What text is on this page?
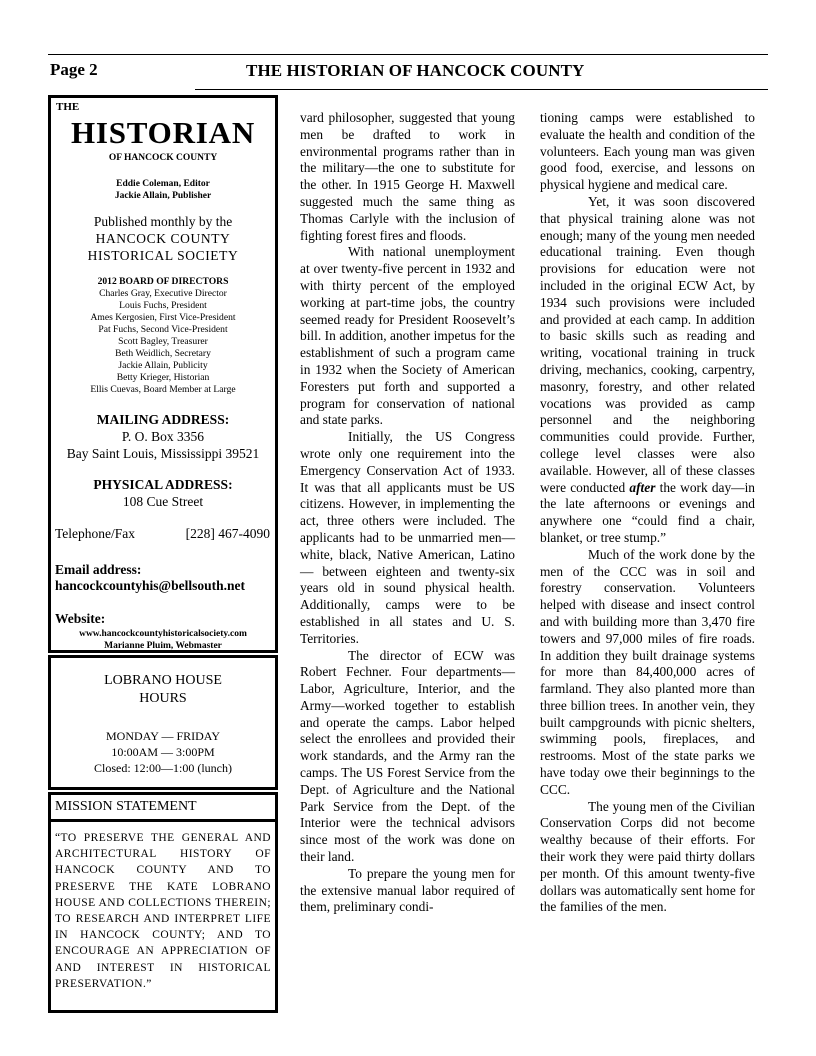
Page 2	THE HISTORIAN OF HANCOCK COUNTY
THE
HISTORIAN
OF HANCOCK COUNTY
Eddie Coleman, Editor
Jackie Allain, Publisher
Published monthly by the
HANCOCK COUNTY
HISTORICAL SOCIETY
2012 BOARD OF DIRECTORS
Charles Gray, Executive Director
Louis Fuchs, President
Ames Kergosien, First Vice-President
Pat Fuchs, Second Vice-President
Scott Bagley, Treasurer
Beth Weidlich, Secretary
Jackie Allain, Publicity
Betty Krieger, Historian
Ellis Cuevas, Board Member at Large
MAILING ADDRESS:
P. O. Box 3356
Bay Saint Louis, Mississippi 39521
PHYSICAL ADDRESS:
108 Cue Street
Telephone/Fax	[228] 467-4090
Email address:
hancockcountyhis@bellsouth.net
Website:
www.hancockcountyhistoricalsociety.com
Marianne Pluim, Webmaster
LOBRANO HOUSE
HOURS
MONDAY — FRIDAY
10:00AM — 3:00PM
Closed: 12:00—1:00 (lunch)
MISSION STATEMENT
“TO PRESERVE THE GENERAL AND ARCHITECTURAL HISTORY OF HANCOCK COUNTY AND TO PRESERVE THE KATE LOBRANO HOUSE AND COLLECTIONS THEREIN; TO RESEARCH AND INTERPRET LIFE IN HANCOCK COUNTY; AND TO ENCOURAGE AN APPRECIATION OF AND INTEREST IN HISTORICAL PRESERVATION.”

vard philosopher, suggested that young men be drafted to work in environmental programs rather than in the military—the one to substitute for the other. In 1915 George H. Maxwell suggested much the same thing as Thomas Carlyle with the inclusion of fighting forest fires and floods.

With national unemployment at over twenty-five percent in 1932 and with thirty percent of the employed working at part-time jobs, the country seemed ready for President Roosevelt’s bill. In addition, another impetus for the establishment of such a program came in 1932 when the Society of American Foresters put forth and supported a program for conservation of national and state parks.

Initially, the US Congress wrote only one requirement into the Emergency Conservation Act of 1933. It was that all applicants must be US citizens. However, in implementing the act, three others were included. The applicants had to be unmarried men—white, black, Native American, Latino— between eighteen and twenty-six years old in sound physical health. Additionally, camps were to be established in all states and U. S. Territories.

The director of ECW was Robert Fechner. Four departments—Labor, Agriculture, Interior, and the Army—worked together to establish and operate the camps. Labor helped select the enrollees and provided their work standards, and the Army ran the camps. The US Forest Service from the Dept. of Agriculture and the National Park Service from the Dept. of the Interior were the technical advisors since most of the work was done on their land.

To prepare the young men for the extensive manual labor required of them, preliminary condi-

tioning camps were established to evaluate the health and condition of the volunteers. Each young man was given good food, exercise, and lessons on physical hygiene and medical care.

Yet, it was soon discovered that physical training alone was not enough; many of the young men needed educational training. Even though provisions for education were not included in the original ECW Act, by 1934 such provisions were included and provided at each camp. In addition to basic skills such as reading and writing, vocational training in truck driving, mechanics, cooking, carpentry, masonry, forestry, and other related vocations was provided as camp personnel and the neighboring communities could provide. Further, college level classes were also available. However, all of these classes were conducted after the work day—in the late afternoons or evenings and anywhere one “could find a chair, blanket, or tree stump.”

Much of the work done by the men of the CCC was in soil and forestry conservation. Volunteers helped with disease and insect control and with building more than 3,470 fire towers and 97,000 miles of fire roads. In addition they built drainage systems for more than 84,400,000 acres of farmland. They also planted more than three billion trees. In another vein, they built campgrounds with picnic shelters, swimming pools, fireplaces, and restrooms. Most of the state parks we have today owe their beginnings to the CCC.

The young men of the Civilian Conservation Corps did not become wealthy because of their efforts. For their work they were paid thirty dollars per month. Of this amount twenty-five dollars was automatically sent home for the families of the men.
